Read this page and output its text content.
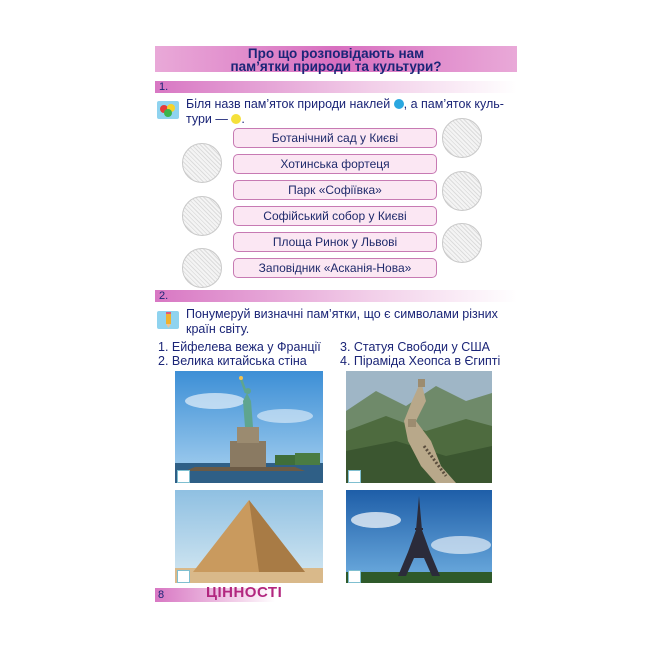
Про що розповідають нам
пам’ятки природи та культури?
1.
Біля назв пам’яток природи наклей , а пам’яток куль-
тури — .
Ботанічний сад у Києві
Хотинська фортеця
Парк «Софіївка»
Софійський собор у Києві
Площа Ринок у Львові
Заповідник «Асканія-Нова»
2.
Понумеруй визначні пам’ятки, що є символами різних
країн світу.
1. Ейфелева вежа у Франції
2. Велика китайська стіна
3. Статуя Свободи у США
4. Піраміда Хеопса в Єгипті
8	ЦІННОСТІ
